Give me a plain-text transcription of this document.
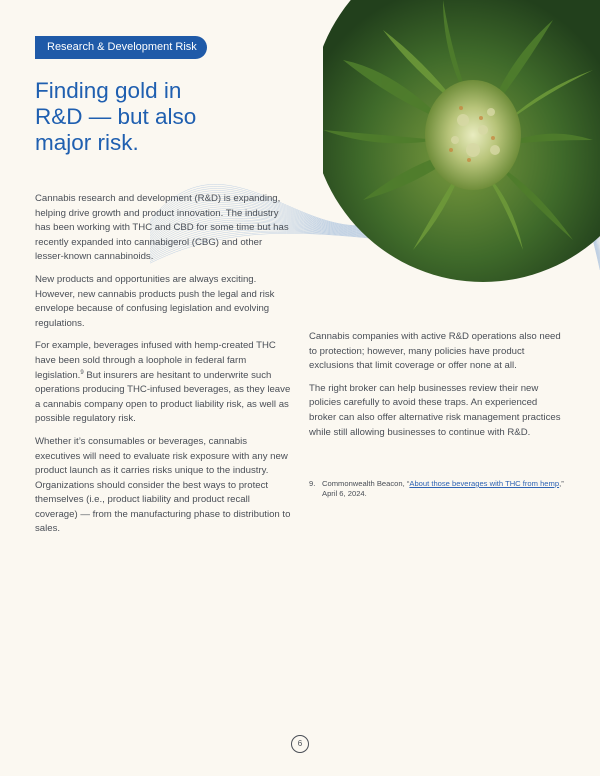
Research & Development Risk
Finding gold in
R&D — but also
major risk.

Cannabis research and development (R&D) is expanding, helping drive growth and product innovation. The industry has been working with THC and CBD for some time but has recently expanded into cannabigerol (CBG) and other lesser-known cannabinoids.

New products and opportunities are always exciting. However, new cannabis products push the legal and risk envelope because of confusing legislation and evolving regulations.

For example, beverages infused with hemp-created THC have been sold through a loophole in federal farm legislation.$^9$ But insurers are hesitant to underwrite such operations producing THC-infused beverages, as they leave a cannabis company open to product liability risk, as well as possible regulatory risk.

Whether it’s consumables or beverages, cannabis executives will need to evaluate risk exposure with any new product launch as it carries risks unique to the industry. Organizations should consider the best ways to protect themselves (i.e., product liability and product recall coverage) — from the manufacturing phase to distribution to sales.

Cannabis companies with active R&D operations also need to protection; however, many policies have product exclusions that limit coverage or offer none at all.

The right broker can help businesses review their new policies carefully to avoid these traps. An experienced broker can also offer alternative risk management practices while still allowing businesses to continue with R&D.

9. Commonwealth Beacon, “About those beverages with THC from hemp,” April 6, 2024.
6
